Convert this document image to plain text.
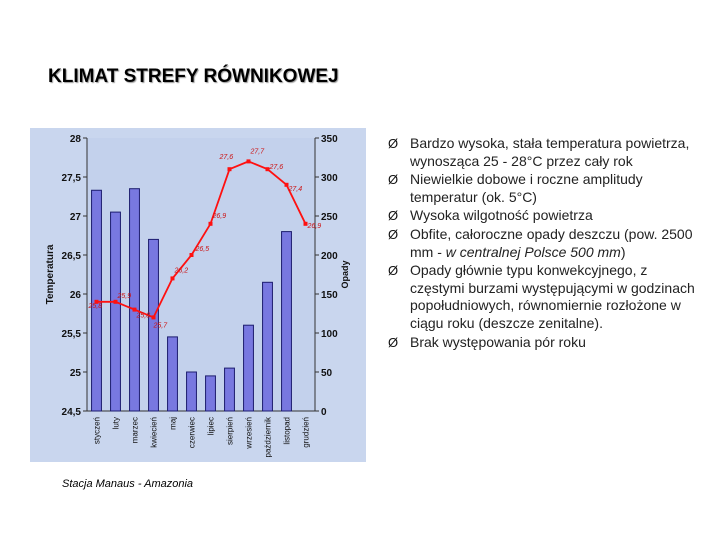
KLIMAT STREFY RÓWNIKOWEJ
28
27,5
27
26,5
26
25,5
25
24,5
350
300
250
200
150
100
50
0
Temperatura	Opady
25,8
25,9
25,8
25,7
26,2
26,5
26,9
27,6
27,7
27,6
27,4
26,9
styczeń luty marzec kwiecień maj czerwiec lipiec sierpień wrzesień październik listopad grudzień
Stacja Manaus - Amazonia
Ø Bardzo wysoka, stała temperatura powietrza, wynosząca 25 - 28°C przez cały rok
Ø Niewielkie dobowe i roczne amplitudy temperatur (ok. 5°C)
Ø Wysoka wilgotność powietrza
Ø Obfite, całoroczne opady deszczu (pow. 2500 mm - w centralnej Polsce 500 mm)
Ø Opady głównie typu konwekcyjnego, z częstymi burzami występującymi w godzinach popołudniowych, równomiernie rozłożone w ciągu roku (deszcze zenitalne).
Ø Brak występowania pór roku
